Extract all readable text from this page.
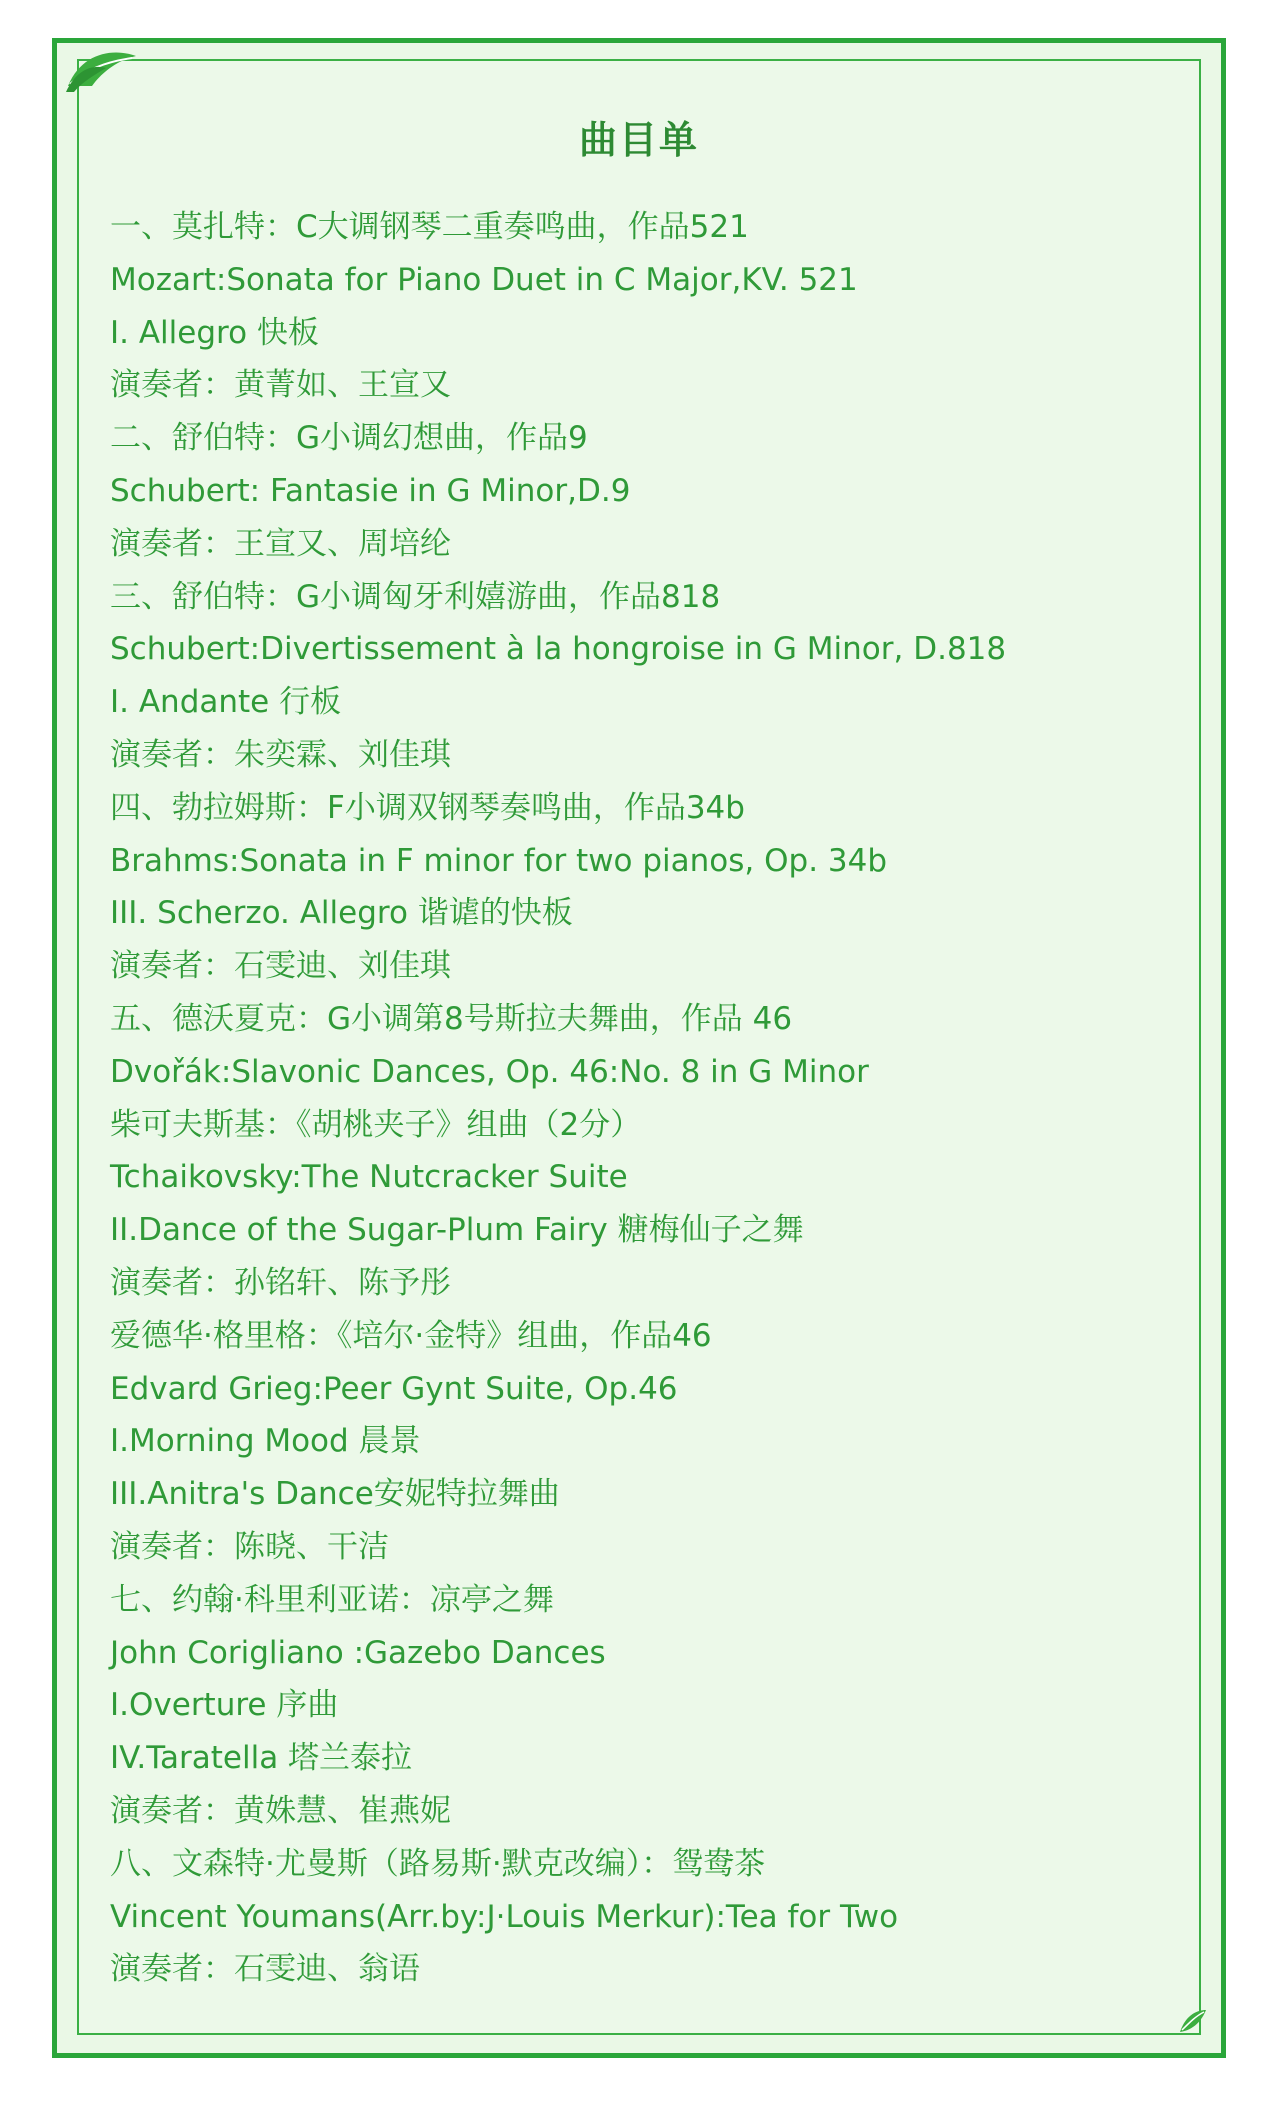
曲目单
一、莫扎特：C大调钢琴二重奏鸣曲，作品521
Mozart:Sonata for Piano Duet in C Major,KV. 521
I. Allegro 快板
演奏者：黄菁如、王宣又
二、舒伯特：G小调幻想曲，作品9
Schubert: Fantasie in G Minor,D.9
演奏者：王宣又、周培纶
三、舒伯特：G小调匈牙利嬉游曲，作品818
Schubert:Divertissement à la hongroise in G Minor, D.818
I. Andante 行板
演奏者：朱奕霖、刘佳琪
四、勃拉姆斯：F小调双钢琴奏鸣曲，作品34b
Brahms:Sonata in F minor for two pianos, Op. 34b
III. Scherzo. Allegro 谐谑的快板
演奏者：石雯迪、刘佳琪
五、德沃夏克：G小调第8号斯拉夫舞曲，作品 46
Dvořák:Slavonic Dances, Op. 46:No. 8 in G Minor
柴可夫斯基：《胡桃夹子》组曲（2分）
Tchaikovsky:The Nutcracker Suite
II.Dance of the Sugar-Plum Fairy 糖梅仙子之舞
演奏者：孙铭轩、陈予彤
爱德华·格里格：《培尔·金特》组曲，作品46
Edvard Grieg:Peer Gynt Suite, Op.46
I.Morning Mood 晨景
III.Anitra's Dance安妮特拉舞曲
演奏者：陈晓、干洁
七、约翰·科里利亚诺：凉亭之舞
John Corigliano :Gazebo Dances
I.Overture 序曲
IV.Taratella 塔兰泰拉
演奏者：黄姝慧、崔燕妮
八、文森特·尤曼斯（路易斯·默克改编）：鸳鸯茶
Vincent Youmans(Arr.by:J·Louis Merkur):Tea for Two
演奏者：石雯迪、翁语
